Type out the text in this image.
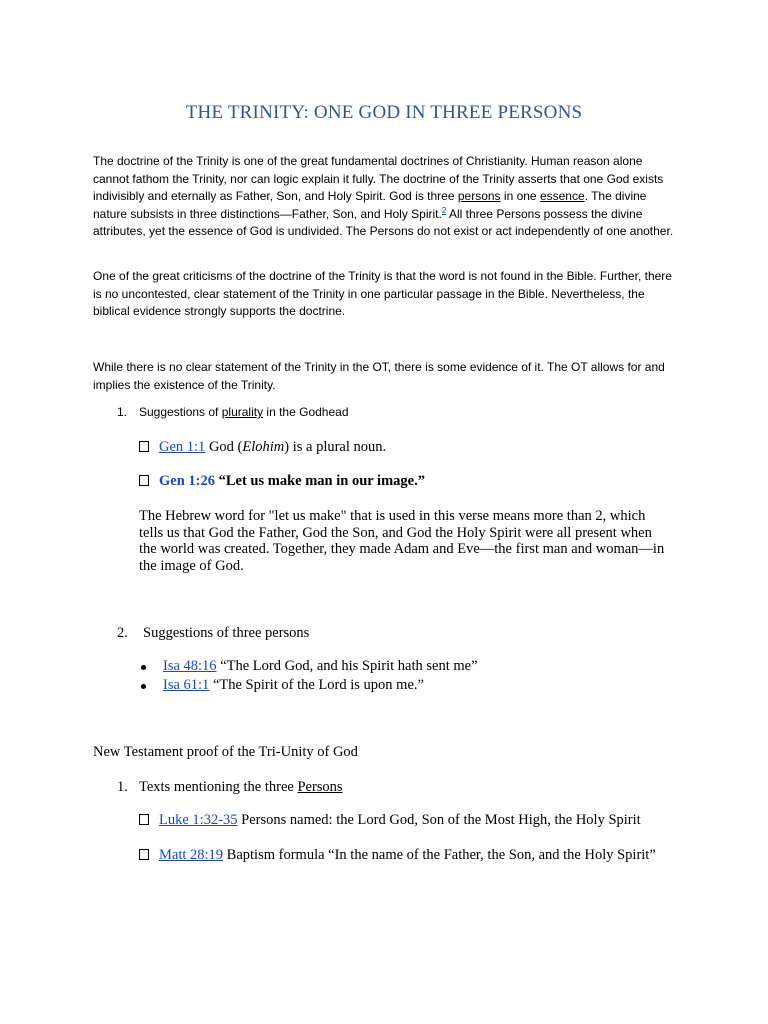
THE TRINITY: ONE GOD IN THREE PERSONS
The doctrine of the Trinity is one of the great fundamental doctrines of Christianity. Human reason alone cannot fathom the Trinity, nor can logic explain it fully. The doctrine of the Trinity asserts that one God exists indivisibly and eternally as Father, Son, and Holy Spirit. God is three persons in one essence. The divine nature subsists in three distinctions—Father, Son, and Holy Spirit.$^2$ All three Persons possess the divine attributes, yet the essence of God is undivided. The Persons do not exist or act independently of one another.
One of the great criticisms of the doctrine of the Trinity is that the word is not found in the Bible. Further, there is no uncontested, clear statement of the Trinity in one particular passage in the Bible. Nevertheless, the biblical evidence strongly supports the doctrine.
While there is no clear statement of the Trinity in the OT, there is some evidence of it. The OT allows for and implies the existence of the Trinity.
1. Suggestions of plurality in the Godhead
Gen 1:1 God (Elohim) is a plural noun.
Gen 1:26 “Let us make man in our image.”
The Hebrew word for "let us make" that is used in this verse means more than 2, which tells us that God the Father, God the Son, and God the Holy Spirit were all present when the world was created. Together, they made Adam and Eve—the first man and woman—in the image of God.
2. Suggestions of three persons
Isa 48:16 “The Lord God, and his Spirit hath sent me”
Isa 61:1 “The Spirit of the Lord is upon me.”
New Testament proof of the Tri-Unity of God
1. Texts mentioning the three Persons
Luke 1:32-35 Persons named: the Lord God, Son of the Most High, the Holy Spirit
Matt 28:19 Baptism formula “In the name of the Father, the Son, and the Holy Spirit”
